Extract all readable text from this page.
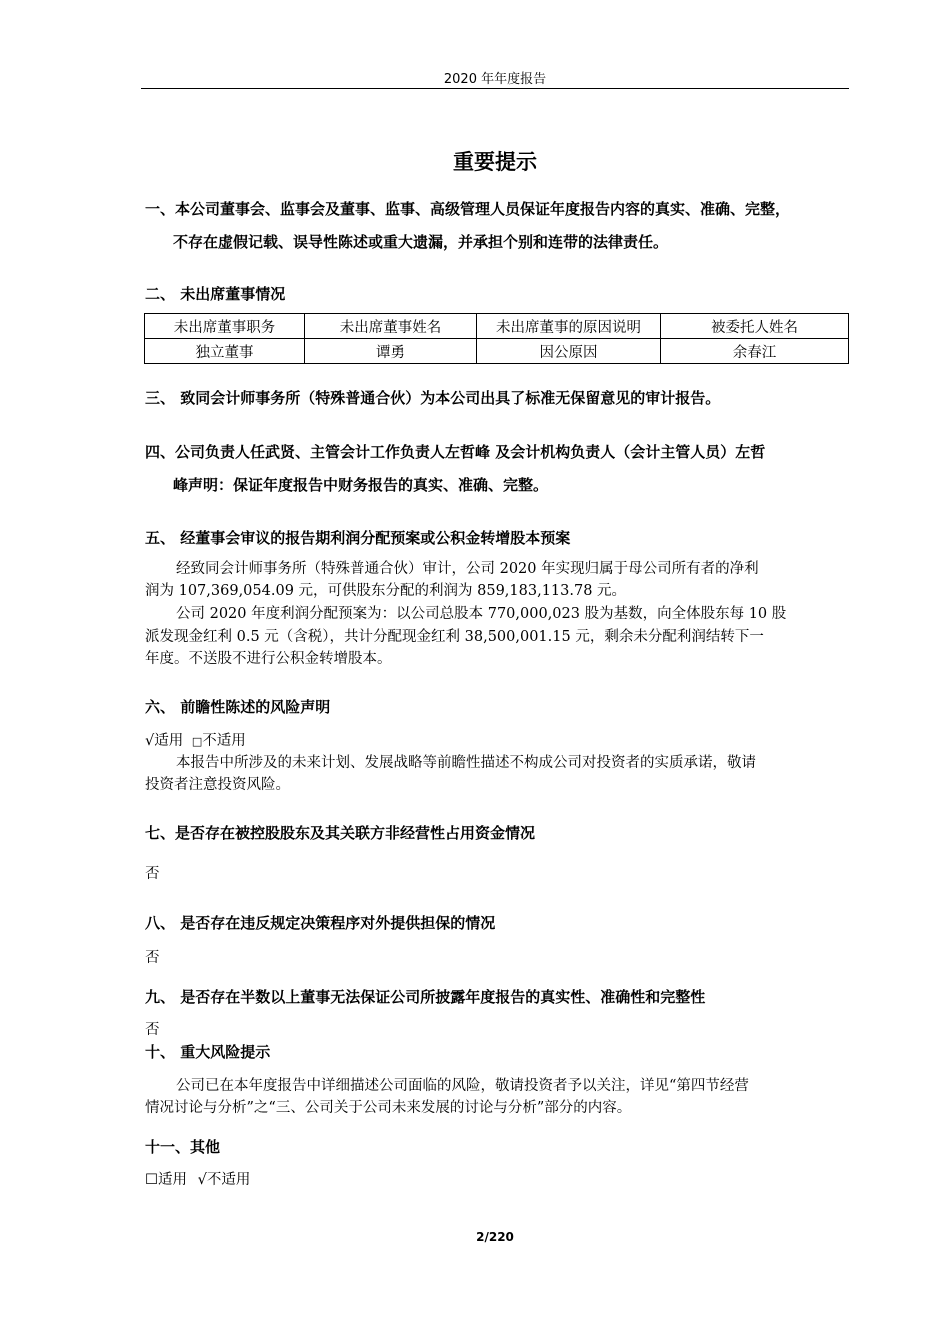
2020 年年度报告
重要提示
一、本公司董事会、监事会及董事、监事、高级管理人员保证年度报告内容的真实、准确、完整，
不存在虚假记载、误导性陈述或重大遗漏，并承担个别和连带的法律责任。
二、 未出席董事情况
未出席董事职务	未出席董事姓名	未出席董事的原因说明	被委托人姓名
独立董事	谭勇	因公原因	余春江
三、 致同会计师事务所（特殊普通合伙）为本公司出具了标准无保留意见的审计报告。
四、公司负责人任武贤、主管会计工作负责人左哲峰 及会计机构负责人（会计主管人员）左哲
峰声明：保证年度报告中财务报告的真实、准确、完整。
五、 经董事会审议的报告期利润分配预案或公积金转增股本预案
经致同会计师事务所（特殊普通合伙）审计，公司 2020 年实现归属于母公司所有者的净利
润为 107,369,054.09 元，可供股东分配的利润为 859,183,113.78 元。
公司 2020 年度利润分配预案为：以公司总股本 770,000,023 股为基数，向全体股东每 10 股
派发现金红利 0.5 元（含税），共计分配现金红利 38,500,001.15 元，剩余未分配利润结转下一
年度。不送股不进行公积金转增股本。
六、 前瞻性陈述的风险声明
√适用 □不适用
本报告中所涉及的未来计划、发展战略等前瞻性描述不构成公司对投资者的实质承诺，敬请
投资者注意投资风险。
七、是否存在被控股股东及其关联方非经营性占用资金情况
否
八、 是否存在违反规定决策程序对外提供担保的情况
否
九、 是否存在半数以上董事无法保证公司所披露年度报告的真实性、准确性和完整性
否
十、 重大风险提示
公司已在本年度报告中详细描述公司面临的风险，敬请投资者予以关注，详见“第四节经营
情况讨论与分析”之“三、公司关于公司未来发展的讨论与分析”部分的内容。
十一、其他
☐适用 √不适用
2/220
